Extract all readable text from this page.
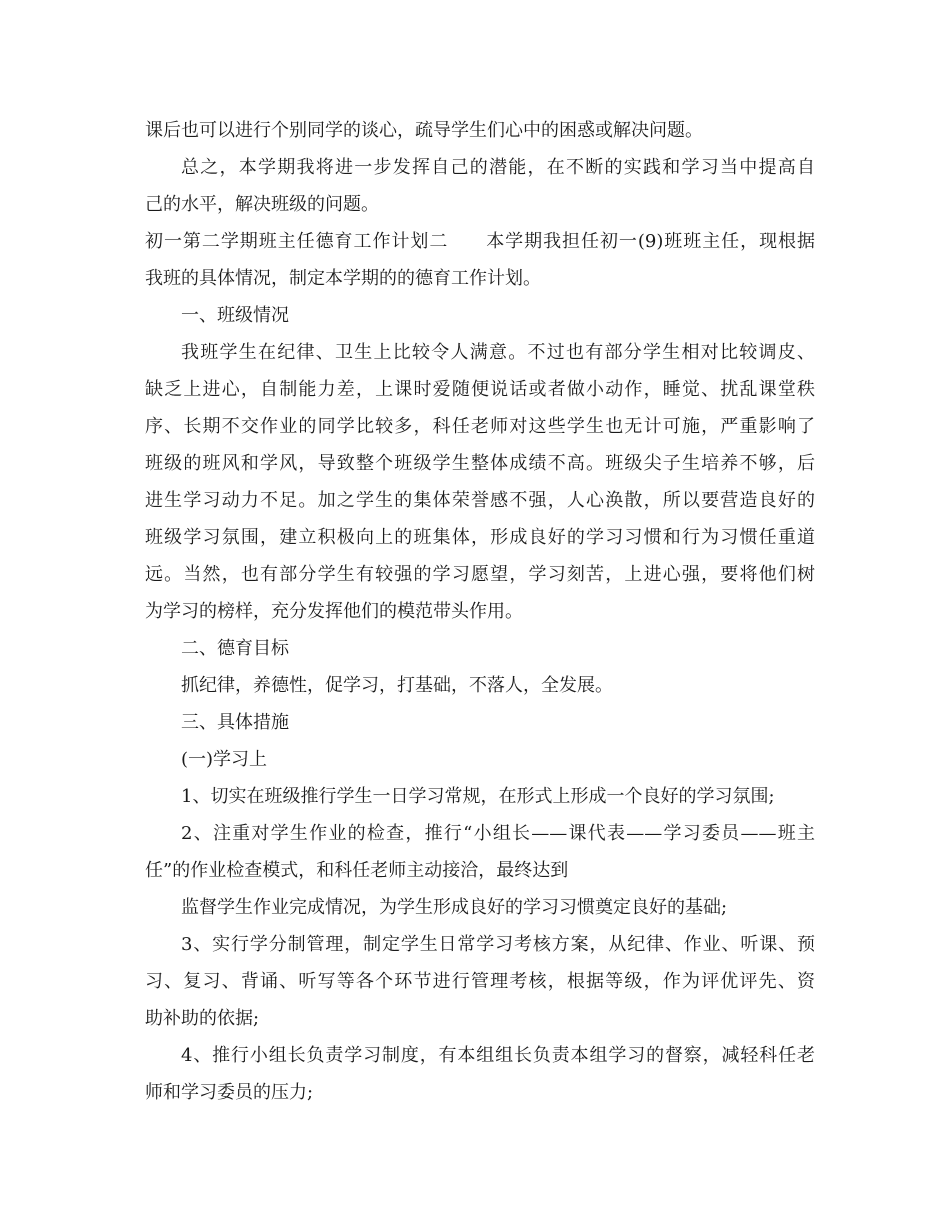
课后也可以进行个别同学的谈心，疏导学生们心中的困惑或解决问题。
总之，本学期我将进一步发挥自己的潜能，在不断的实践和学习当中提高自
己的水平，解决班级的问题。
初一第二学期班主任德育工作计划二　　本学期我担任初一(9)班班主任，现根据
我班的具体情况，制定本学期的的德育工作计划。
一、班级情况
我班学生在纪律、卫生上比较令人满意。不过也有部分学生相对比较调皮、
缺乏上进心，自制能力差，上课时爱随便说话或者做小动作，睡觉、扰乱课堂秩
序、长期不交作业的同学比较多，科任老师对这些学生也无计可施，严重影响了
班级的班风和学风，导致整个班级学生整体成绩不高。班级尖子生培养不够，后
进生学习动力不足。加之学生的集体荣誉感不强，人心涣散，所以要营造良好的
班级学习氛围，建立积极向上的班集体，形成良好的学习习惯和行为习惯任重道
远。当然，也有部分学生有较强的学习愿望，学习刻苦，上进心强，要将他们树
为学习的榜样，充分发挥他们的模范带头作用。
二、德育目标
抓纪律，养德性，促学习，打基础，不落人，全发展。
三、具体措施
(一)学习上
1、切实在班级推行学生一日学习常规，在形式上形成一个良好的学习氛围;
2、注重对学生作业的检查，推行“小组长——课代表——学习委员——班主
任”的作业检查模式，和科任老师主动接洽，最终达到
监督学生作业完成情况，为学生形成良好的学习习惯奠定良好的基础;
3、实行学分制管理，制定学生日常学习考核方案，从纪律、作业、听课、预
习、复习、背诵、听写等各个环节进行管理考核，根据等级，作为评优评先、资
助补助的依据;
4、推行小组长负责学习制度，有本组组长负责本组学习的督察，减轻科任老
师和学习委员的压力;
